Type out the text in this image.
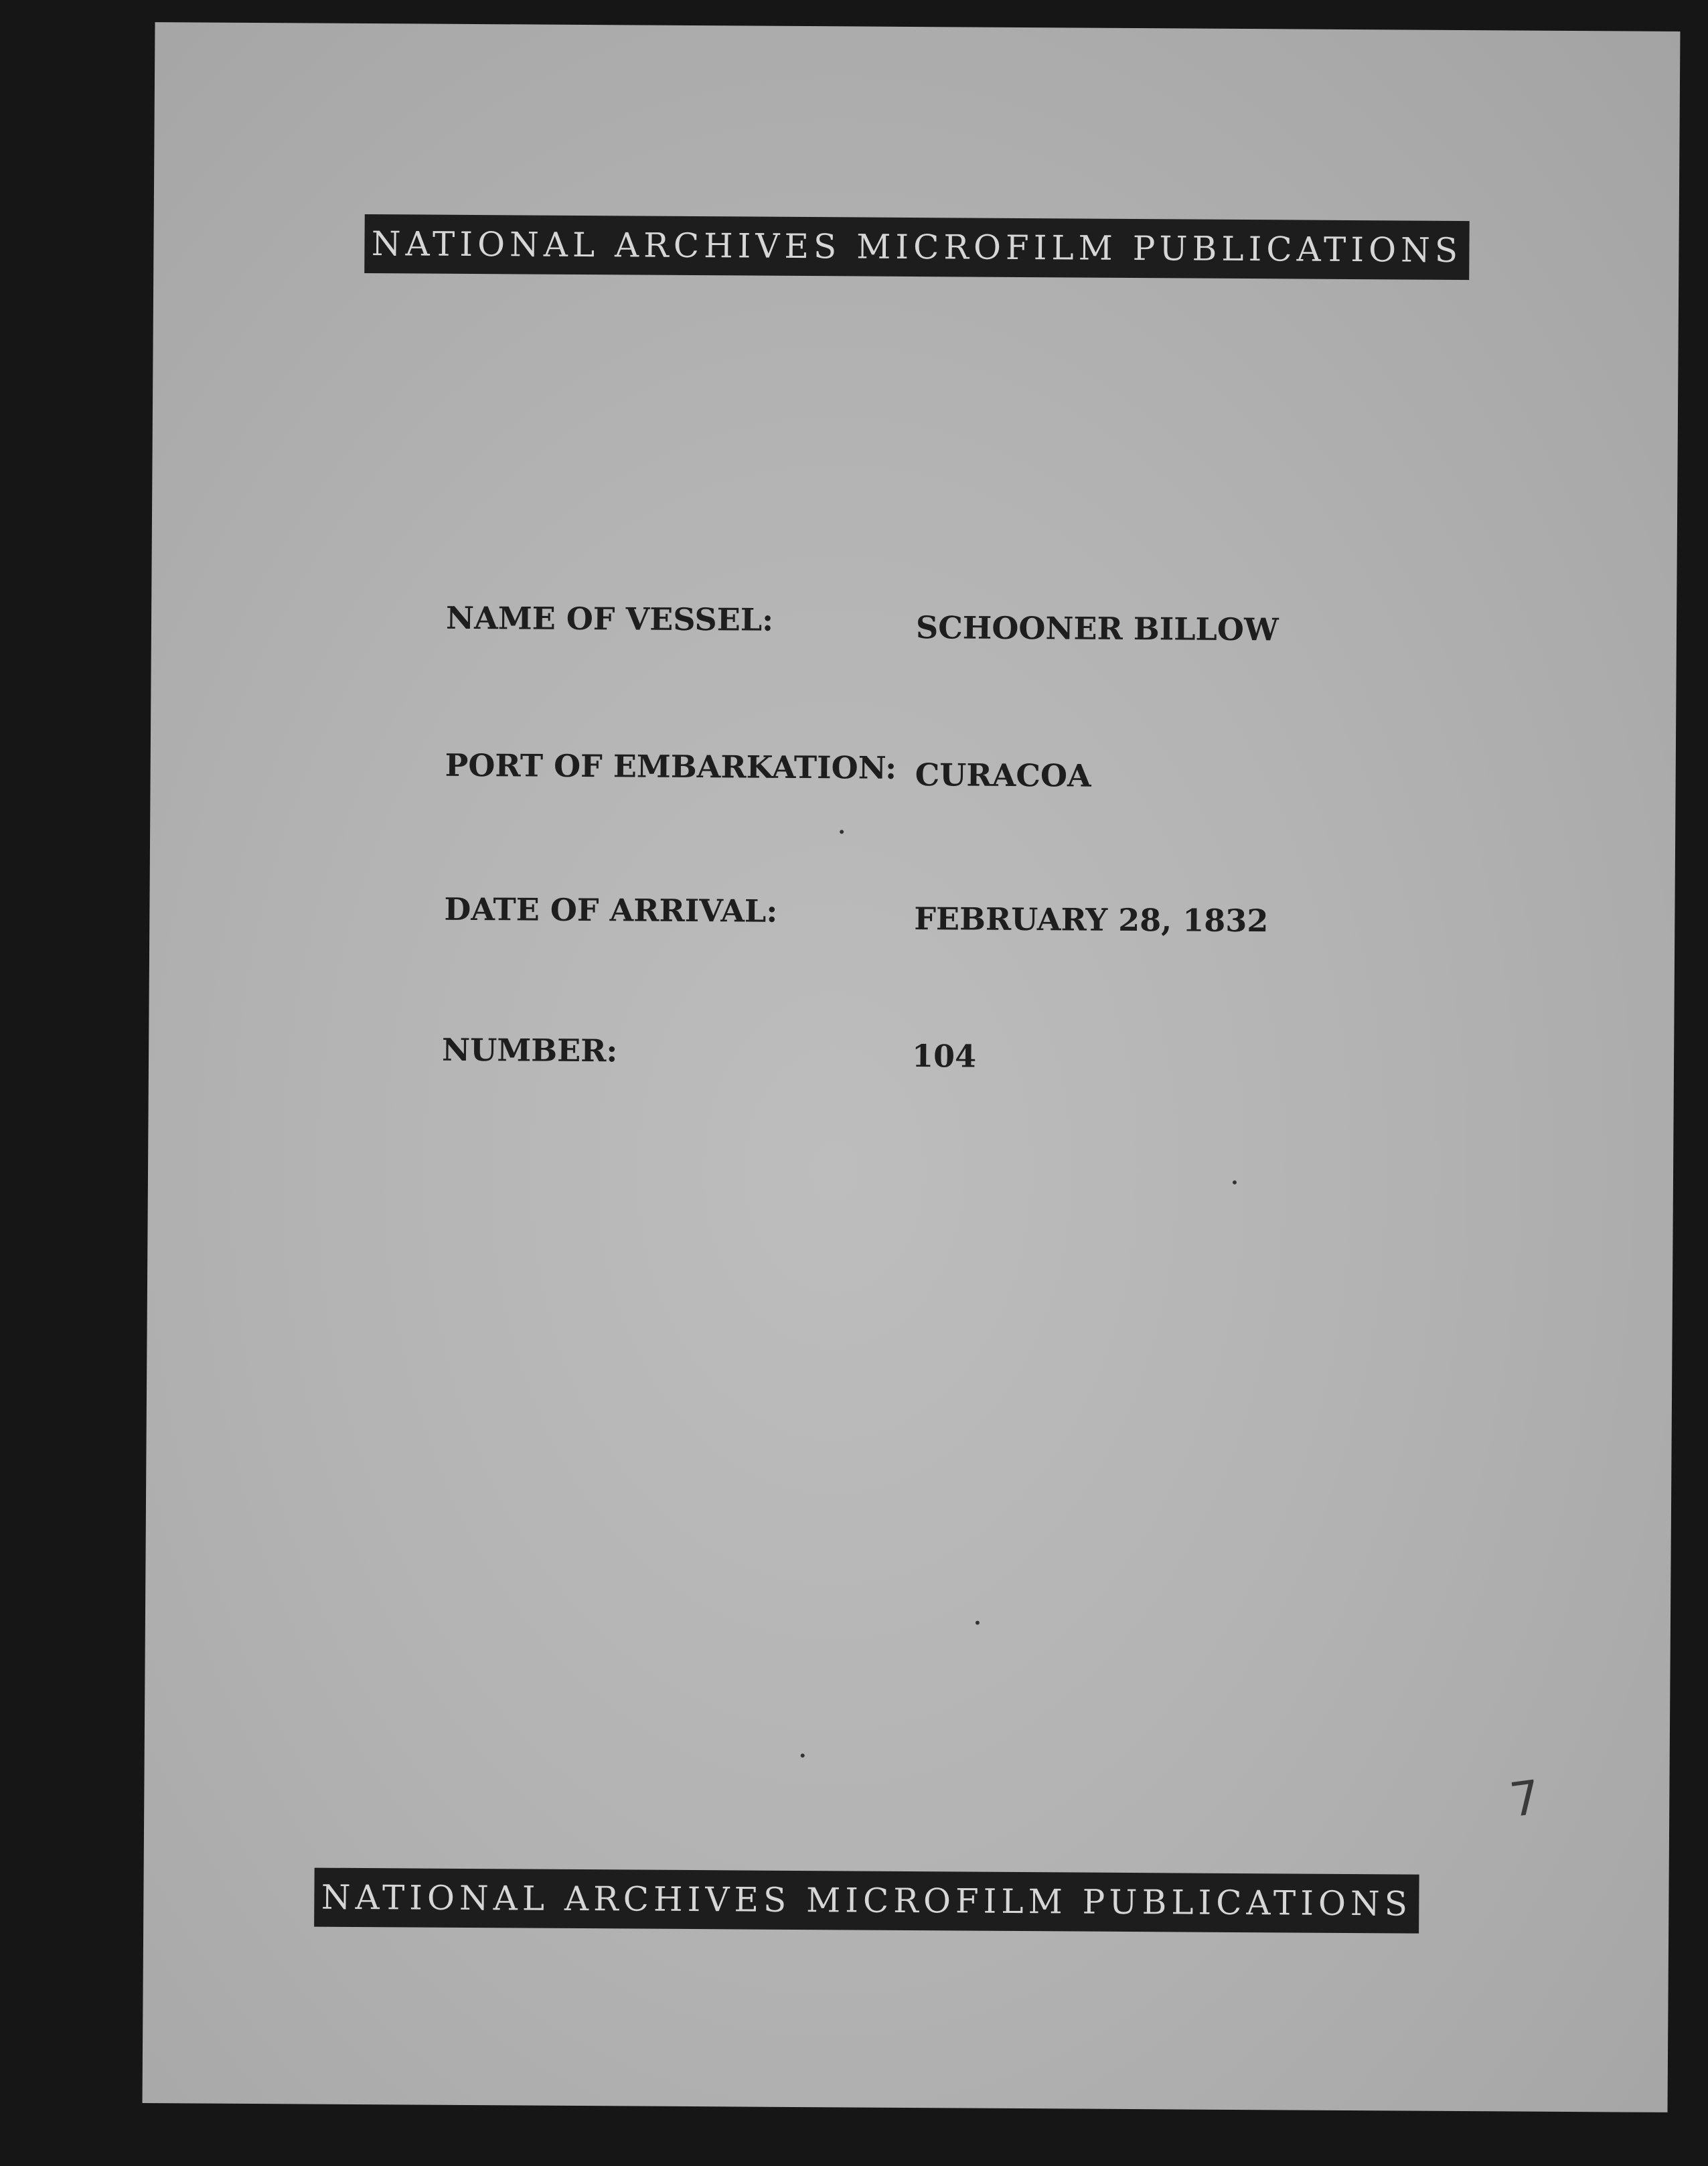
NATIONAL ARCHIVES MICROFILM PUBLICATIONS
NAME OF VESSEL:	SCHOONER BILLOW
PORT OF EMBARKATION: CURACOA
DATE OF ARRIVAL:	FEBRUARY 28, 1832
NUMBER:	104
7
NATIONAL ARCHIVES MICROFILM PUBLICATIONS
